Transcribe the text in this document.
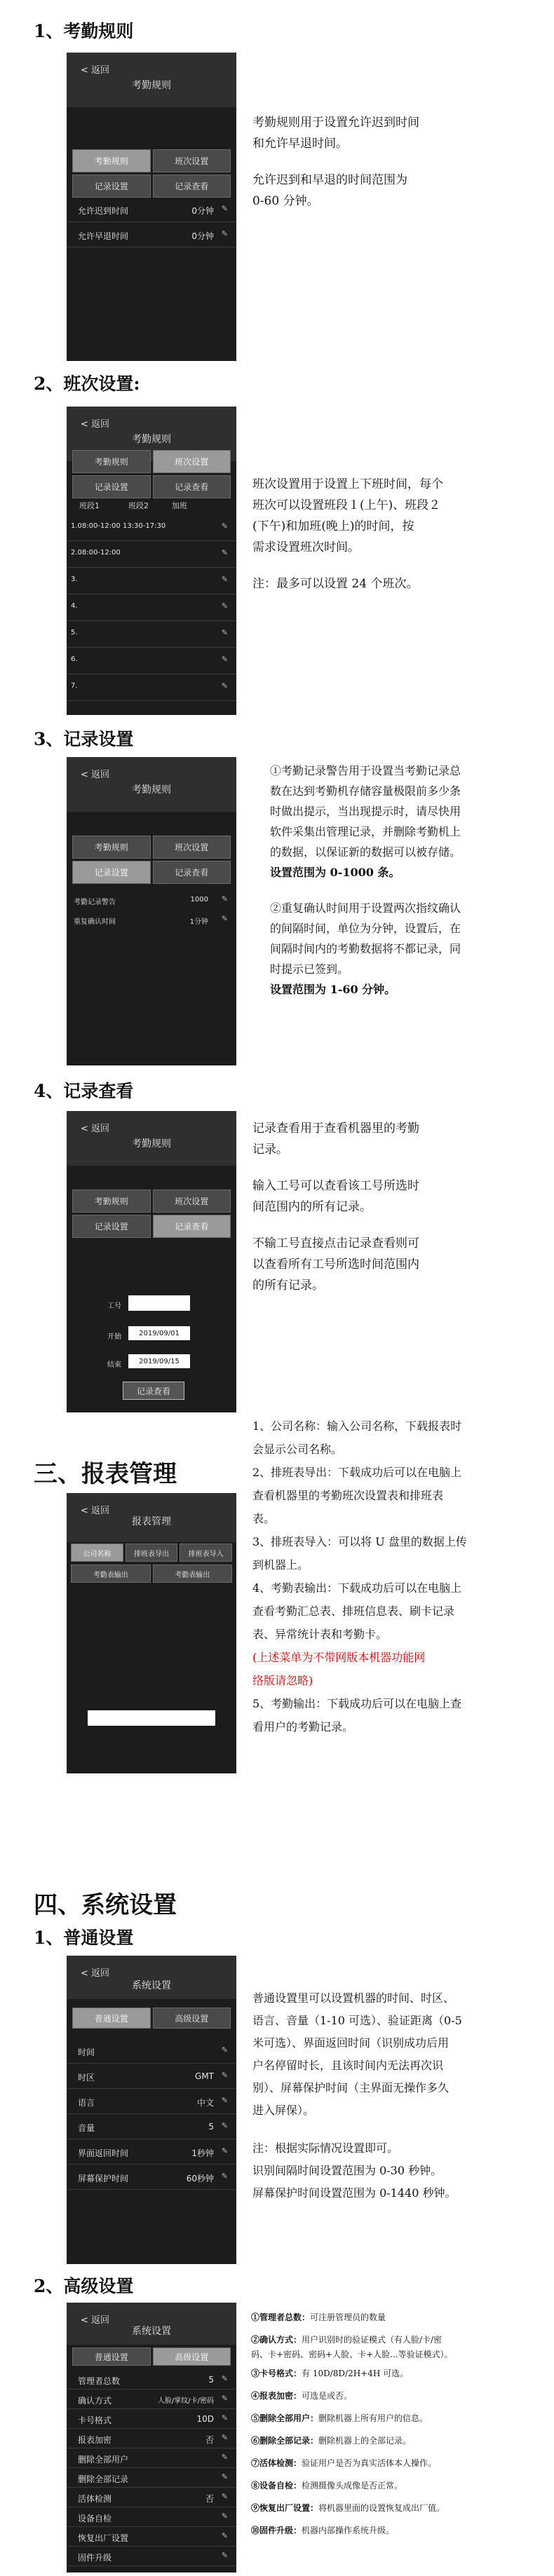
1、考勤规则
< 返回
考勤规则
考勤规则	班次设置
记录设置	记录查看
允许迟到时间	0分钟 ✎
允许早退时间	0分钟 ✎

考勤规则用于设置允许迟到时间

和允许早退时间。

允许迟到和早退的时间范围为

0-60 分钟。

2、班次设置:
< 返回
考勤规则
考勤规则	班次设置
记录设置	记录查看
班段1	班段2	加班
1.08:00-12:00 13:30-17:30	✎
2.08:00-12:00	✎
3.	✎
4.	✎
5.	✎
6.	✎
7.	✎

班次设置用于设置上下班时间，每个

班次可以设置班段１(上午)、班段２

(下午)和加班(晚上)的时间，按

需求设置班次时间。

注：最多可以设置 24 个班次。

3、记录设置
< 返回
考勤规则
考勤规则	班次设置
记录设置	记录查看
考勤记录警告	1000 ✎
重复确认时间	1分钟 ✎

①考勤记录警告用于设置当考勤记录总

数在达到考勤机存储容量极限前多少条

时做出提示，当出现提示时，请尽快用

软件采集出管理记录，并删除考勤机上

的数据，以保证新的数据可以被存储。

设置范围为 0-1000 条。

②重复确认时间用于设置两次指纹确认

的间隔时间，单位为分钟，设置后，在

间隔时间内的考勤数据将不都记录，同

时提示已签到。

设置范围为 1-60 分钟。

4、记录查看
< 返回
考勤规则
考勤规则	班次设置
记录设置	记录查看
工号
开始	2019/09/01
结束	2019/09/15
记录查看

记录查看用于查看机器里的考勤

记录。

输入工号可以查看该工号所选时

间范围内的所有记录。

不输工号直接点击记录查看则可

以查看所有工号所选时间范围内

的所有记录。

三、报表管理
< 返回
报表管理
公司名称	排班表导出	排班表导入
考勤表输出	考勤表输出

1、公司名称：输入公司名称，下载报表时

会显示公司名称。

2、排班表导出：下载成功后可以在电脑上

查看机器里的考勤班次设置表和排班表

表。

3、排班表导入：可以将 U 盘里的数据上传

到机器上。

4、考勤表输出：下载成功后可以在电脑上

查看考勤汇总表、排班信息表、刷卡记录

表、异常统计表和考勤卡。

(上述菜单为不带网版本机器功能网

络版请忽略)

5、考勤输出：下载成功后可以在电脑上查

看用户的考勤记录。

四、系统设置
1、普通设置
< 返回
系统设置
普通设置	高级设置
时间	✎
时区	GMT ✎
语言	中文 ✎
音量	5 ✎
界面返回时间	1秒钟 ✎
屏幕保护时间	60秒钟 ✎

普通设置里可以设置机器的时间、时区、

语言、音量（1-10 可选）、验证距离（0-5

米可选）、界面返回时间（识别成功后用

户名停留时长，且该时间内无法再次识

别）、屏幕保护时间（主界面无操作多久

进入屏保）。

注：根据实际情况设置即可。

识别间隔时间设置范围为 0-30 秒钟。

屏幕保护时间设置范围为 0-1440 秒钟。

2、高级设置
< 返回
系统设置
普通设置	高级设置
管理者总数	5 ✎
确认方式	人脸/掌纹/卡/密码 ✎
卡号格式	10D ✎
报表加密	否 ✎
删除全部用户	✎
删除全部记录	✎
活体检测	否 ✎
设备自检	✎
恢复出厂设置	✎
固件升级	✎

①管理者总数：可注册管理员的数量

②确认方式：用户识别时的验证模式（有人脸/卡/密

码、卡+密码、密码+人脸、卡+人脸...等验证模式）。

③卡号格式：有 10D/8D/2H+4H 可选。

④报表加密：可选是或否。

⑤删除全部用户：删除机器上所有用户的信息。

⑥删除全部记录：删除机器上的全部记录。

⑦活体检测：验证用户是否为真实活体本人操作。

⑧设备自检：检测摄像头成像是否正常。

⑨恢复出厂设置：将机器里面的设置恢复成出厂值。

⑩固件升级：机器内部操作系统升级。
